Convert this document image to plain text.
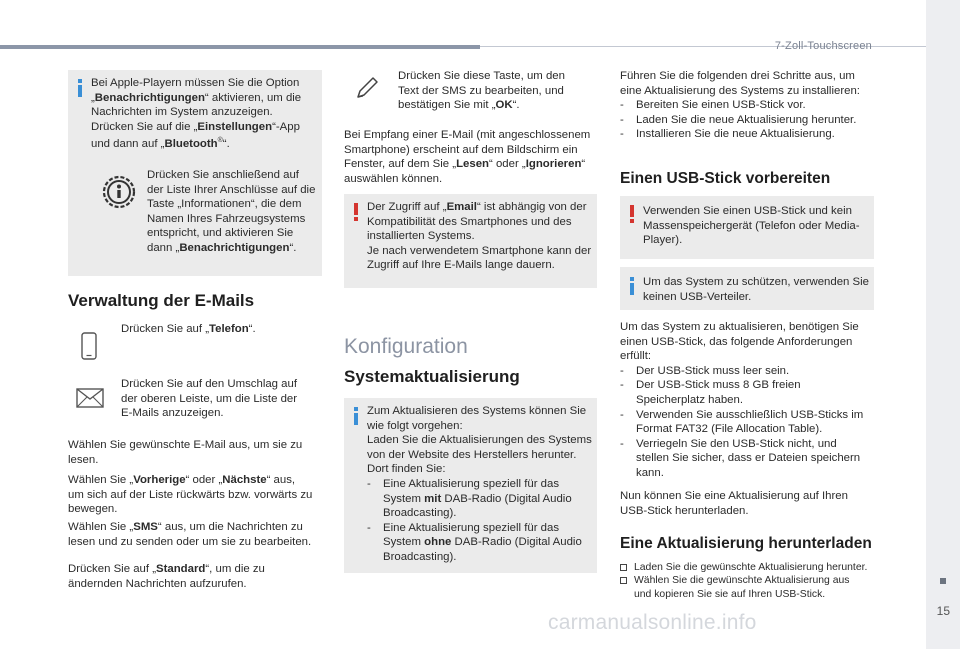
7-Zoll-Touchscreen
15
carmanualsonline.info
Bei Apple-Playern müssen Sie die Option
„Benachrichtigungen“ aktivieren, um die
Nachrichten im System anzuzeigen.
Drücken Sie auf die „Einstellungen“-App
und dann auf „Bluetooth®“.
Drücken Sie anschließend auf
der Liste Ihrer Anschlüsse auf die
Taste „Informationen“, die dem
Namen Ihres Fahrzeugsystems
entspricht, und aktivieren Sie
dann „Benachrichtigungen“.
Verwaltung der E-Mails
Drücken Sie auf „Telefon“.
Drücken Sie auf den Umschlag auf
der oberen Leiste, um die Liste der
E-Mails anzuzeigen.
Wählen Sie gewünschte E-Mail aus, um sie zu
lesen.
Wählen Sie „Vorherige“ oder „Nächste“ aus,
um sich auf der Liste rückwärts bzw. vorwärts zu
bewegen.
Wählen Sie „SMS“ aus, um die Nachrichten zu
lesen und zu senden oder um sie zu bearbeiten.
Drücken Sie auf „Standard“, um die zu
ändernden Nachrichten aufzurufen.
Drücken Sie diese Taste, um den
Text der SMS zu bearbeiten, und
bestätigen Sie mit „OK“.
Bei Empfang einer E-Mail (mit angeschlossenem
Smartphone) erscheint auf dem Bildschirm ein
Fenster, auf dem Sie „Lesen“ oder „Ignorieren“
auswählen können.
Der Zugriff auf „Email“ ist abhängig von der
Kompatibilität des Smartphones und des
installierten Systems.
Je nach verwendetem Smartphone kann der
Zugriff auf Ihre E-Mails lange dauern.
Konfiguration
Systemaktualisierung
Zum Aktualisieren des Systems können Sie
wie folgt vorgehen:
Laden Sie die Aktualisierungen des Systems
von der Website des Herstellers herunter.
Dort finden Sie:
- Eine Aktualisierung speziell für das
System mit DAB-Radio (Digital Audio
Broadcasting).
- Eine Aktualisierung speziell für das
System ohne DAB-Radio (Digital Audio
Broadcasting).
Führen Sie die folgenden drei Schritte aus, um
eine Aktualisierung des Systems zu installieren:
- Bereiten Sie einen USB-Stick vor.
- Laden Sie die neue Aktualisierung herunter.
- Installieren Sie die neue Aktualisierung.
Einen USB-Stick vorbereiten
Verwenden Sie einen USB-Stick und kein
Massenspeichergerät (Telefon oder Media-
Player).
Um das System zu schützen, verwenden Sie
keinen USB-Verteiler.
Um das System zu aktualisieren, benötigen Sie
einen USB-Stick, das folgende Anforderungen
erfüllt:
- Der USB-Stick muss leer sein.
- Der USB-Stick muss 8 GB freien
Speicherplatz haben.
- Verwenden Sie ausschließlich USB-Sticks im
Format FAT32 (File Allocation Table).
- Verriegeln Sie den USB-Stick nicht, und
stellen Sie sicher, dass er Dateien speichern
kann.
Nun können Sie eine Aktualisierung auf Ihren
USB-Stick herunterladen.
Eine Aktualisierung herunterladen
Laden Sie die gewünschte Aktualisierung herunter.
Wählen Sie die gewünschte Aktualisierung aus
und kopieren Sie sie auf Ihren USB-Stick.
